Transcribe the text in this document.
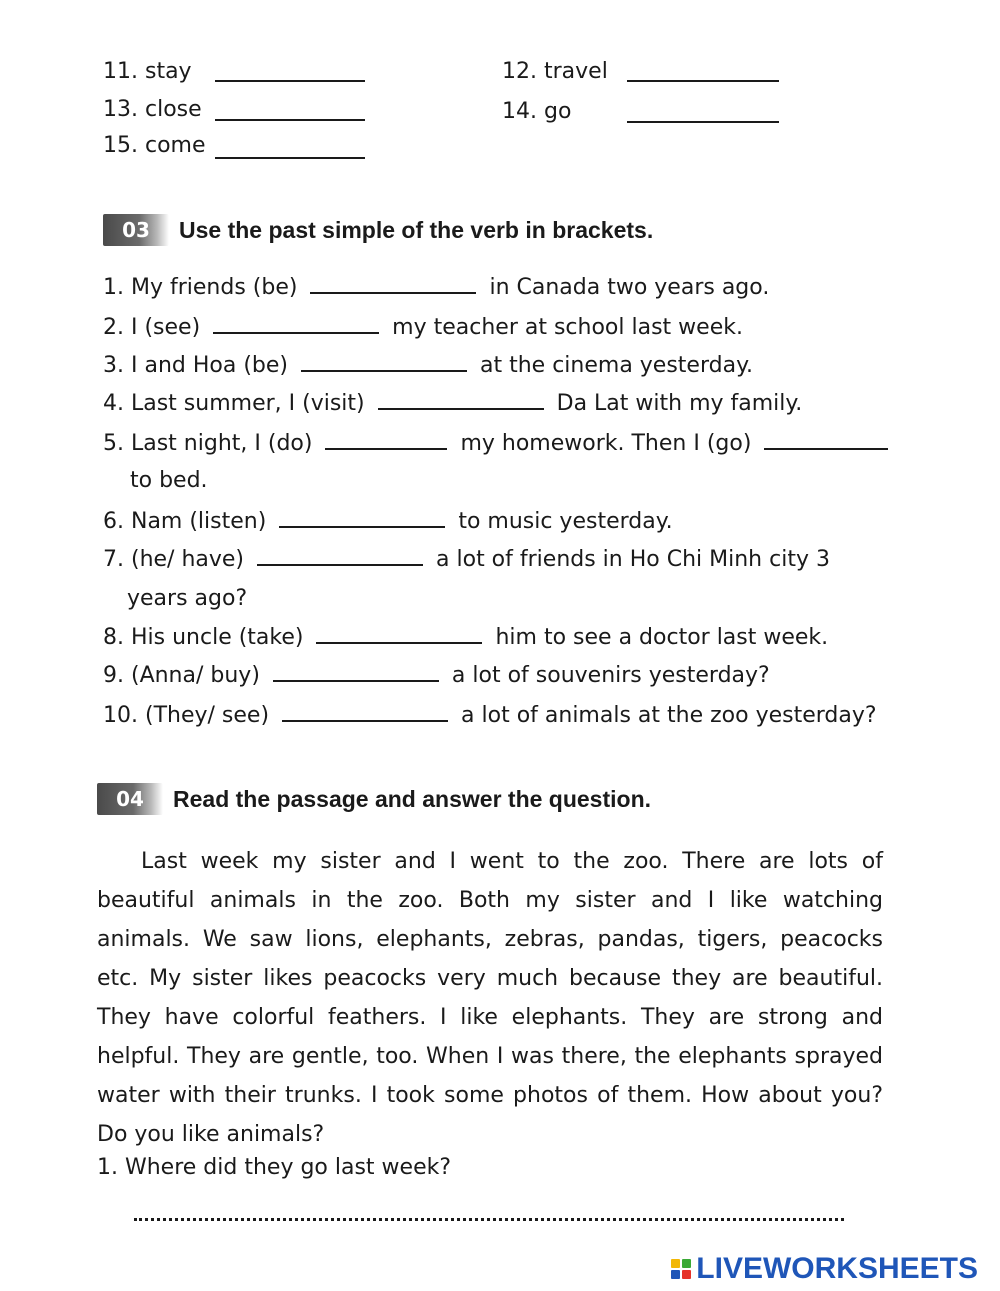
11. stay	12. travel
13. close	14. go
15. come
03	Use the past simple of the verb in brackets.
1. My friends (be)	in Canada two years ago.
2. I (see)	my teacher at school last week.
3. I and Hoa (be)	at the cinema yesterday.
4. Last summer, I (visit)	Da Lat with my family.
5. Last night, I (do)	my homework. Then I (go)
to bed.
6. Nam (listen)	to music yesterday.
7. (he/ have)	a lot of friends in Ho Chi Minh city 3
years ago?
8. His uncle (take)	him to see a doctor last week.
9. (Anna/ buy)	a lot of souvenirs yesterday?
10. (They/ see)	a lot of animals at the zoo yesterday?
04	Read the passage and answer the question.
Last week my sister and I went to the zoo. There are lots of beautiful animals in the zoo. Both my sister and I like watching animals. We saw lions, elephants, zebras, pandas, tigers, peacocks etc. My sister likes peacocks very much because they are beautiful. They have colorful feathers. I like elephants. They are strong and helpful. They are gentle, too. When I was there, the elephants sprayed water with their trunks. I took some photos of them. How about you? Do you like animals?
1. Where did they go last week?
LIVEWORKSHEETS
